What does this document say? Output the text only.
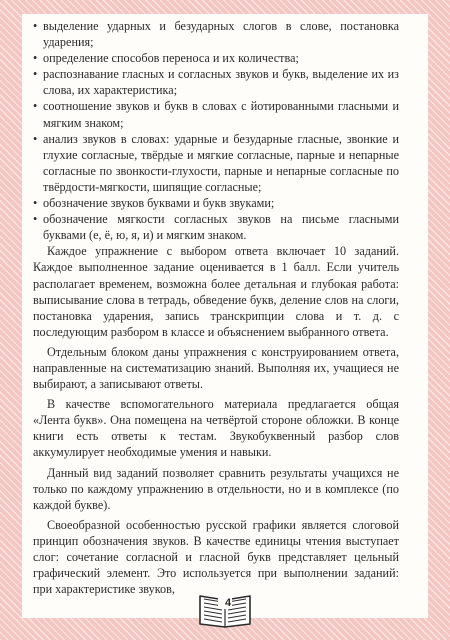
• выделение ударных и безударных слогов в слове, постановка ударения;
• определение способов переноса и их количества;
• распознавание гласных и согласных звуков и букв, выделение их из слова, их характеристика;
• соотношение звуков и букв в словах с йотированными гласными и мягким знаком;
• анализ звуков в словах: ударные и безударные гласные, звонкие и глухие согласные, твёрдые и мягкие согласные, парные и непарные согласные по звонкости-глухости, парные и непарные согласные по твёрдости-мягкости, шипящие согласные;
• обозначение звуков буквами и букв звуками;
• обозначение мягкости согласных звуков на письме гласными буквами (е, ё, ю, я, и) и мягким знаком.

Каждое упражнение с выбором ответа включает 10 заданий. Каждое выполненное задание оценивается в 1 балл. Если учитель располагает временем, возможна более детальная и глубокая работа: выписывание слова в тетрадь, обведение букв, деление слов на слоги, постановка ударения, запись транскрипции слова и т. д. с последующим разбором в классе и объяснением выбранного ответа.

Отдельным блоком даны упражнения с конструированием ответа, направленные на систематизацию знаний. Выполняя их, учащиеся не выбирают, а записывают ответы.

В качестве вспомогательного материала предлагается общая «Лента букв». Она помещена на четвёртой стороне обложки. В конце книги есть ответы к тестам. Звукобуквенный разбор слов аккумулирует необходимые умения и навыки.

Данный вид заданий позволяет сравнить результаты учащихся не только по каждому упражнению в отдельности, но и в комплексе (по каждой букве).

Своеобразной особенностью русской графики является слоговой принцип обозначения звуков. В качестве единицы чтения выступает слог: сочетание согласной и гласной букв представляет цельный графический элемент. Это используется при выполнении заданий: при характеристике звуков,

4
